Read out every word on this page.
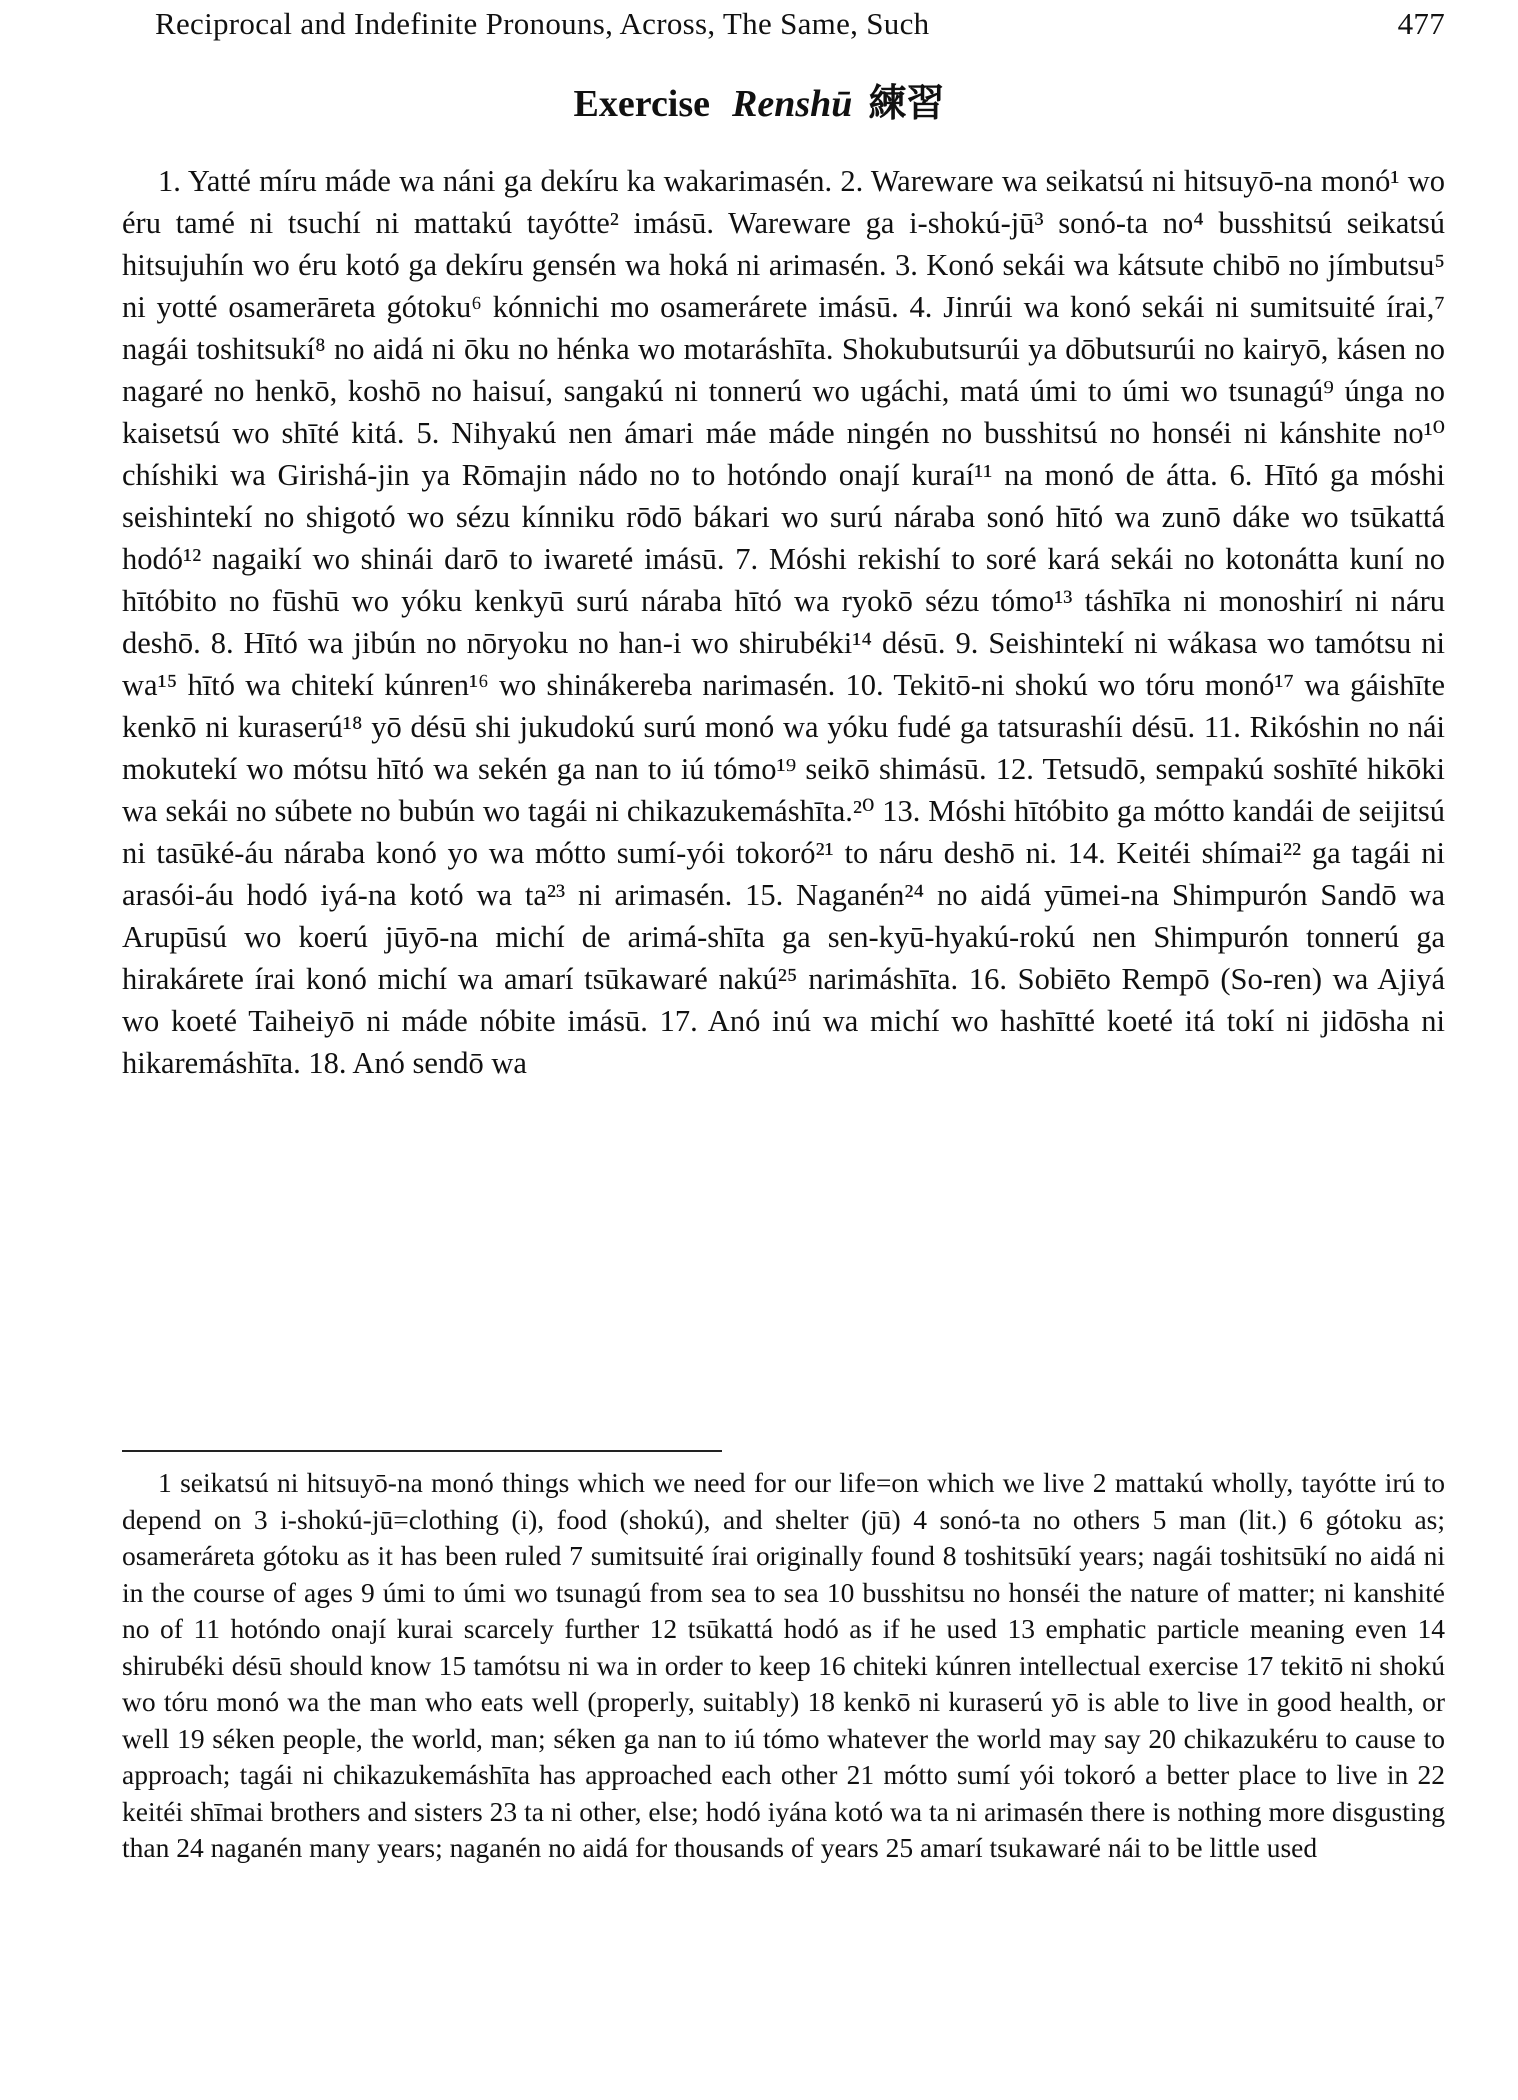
Reciprocal and Indefinite Pronouns, Across, The Same, Such	477
Exercise Renshū 練習

1. Yatté míru máde wa náni ga dekíru ka wakarimasén. 2. Wareware wa seikatsú ni hitsuyō-na monó¹ wo éru tamé ni tsuchí ni mattakú tayótte² imásū. Wareware ga i-shokú-jū³ sonó-ta no⁴ busshitsú seikatsú hitsujuhín wo éru kotó ga dekíru gensén wa hoká ni arimasén. 3. Konó sekái wa kátsute chibō no jímbutsu⁵ ni yotté osamerāreta gótoku⁶ kónnichi mo osamerárete imásū. 4. Jinrúi wa konó sekái ni sumitsuité írai,⁷ nagái toshitsukí⁸ no aidá ni ōku no hénka wo motaráshīta. Shokubutsurúi ya dōbutsurúi no kairyō, kásen no nagaré no henkō, koshō no haisuí, sangakú ni tonnerú wo ugáchi, matá úmi to úmi wo tsunagú⁹ únga no kaisetsú wo shīté kitá. 5. Nihyakú nen ámari máe máde ningén no busshitsú no honséi ni kánshite no¹⁰ chíshiki wa Girishá-jin ya Rōmajin nádo no to hotóndo onají kuraí¹¹ na monó de átta. 6. Hītó ga móshi seishintekí no shigotó wo sézu kínniku rōdō bákari wo surú náraba sonó hītó wa zunō dáke wo tsūkattá hodó¹² nagaikí wo shinái darō to iwareté imásū. 7. Móshi rekishí to soré kará sekái no kotonátta kuní no hītóbito no fūshū wo yóku kenkyū surú náraba hītó wa ryokō sézu tómo¹³ táshīka ni monoshirí ni náru deshō. 8. Hītó wa jibún no nōryoku no han-i wo shirubéki¹⁴ désū. 9. Seishintekí ni wákasa wo tamótsu ni wa¹⁵ hītó wa chitekí kúnren¹⁶ wo shinákereba narimasén. 10. Tekitō-ni shokú wo tóru monó¹⁷ wa gáishīte kenkō ni kuraserú¹⁸ yō désū shi jukudokú surú monó wa yóku fudé ga tatsurashíi désū. 11. Rikóshin no nái mokutekí wo mótsu hītó wa sekén ga nan to iú tómo¹⁹ seikō shimásū. 12. Tetsudō, sempakú soshīté hikōki wa sekái no súbete no bubún wo tagái ni chikazukemáshīta.²⁰ 13. Móshi hītóbito ga mótto kandái de seijitsú ni tasūké-áu náraba konó yo wa mótto sumí-yói tokoró²¹ to náru deshō ni. 14. Keitéi shímai²² ga tagái ni arasói-áu hodó iyá-na kotó wa ta²³ ni arimasén. 15. Naganén²⁴ no aidá yūmei-na Shimpurón Sandō wa Arupūsú wo koerú jūyō-na michí de arimá-shīta ga sen-kyū-hyakú-rokú nen Shimpurón tonnerú ga hirakárete írai konó michí wa amarí tsūkawaré nakú²⁵ narimáshīta. 16. Sobiēto Rempō (So-ren) wa Ajiyá wo koeté Taiheiyō ni máde nóbite imásū. 17. Anó inú wa michí wo hashītté koeté itá tokí ni jidōsha ni hikaremáshīta. 18. Anó sendō wa

1 seikatsú ni hitsuyō-na monó things which we need for our life=on which we live 2 mattakú wholly, tayótte irú to depend on 3 i-shokú-jū=clothing (i), food (shokú), and shelter (jū) 4 sonó-ta no others 5 man (lit.) 6 gótoku as; osameráreta gótoku as it has been ruled 7 sumitsuité írai originally found 8 toshitsūkí years; nagái toshitsūkí no aidá ni in the course of ages 9 úmi to úmi wo tsunagú from sea to sea 10 busshitsu no honséi the nature of matter; ni kanshité no of 11 hotóndo onají kurai scarcely further 12 tsūkattá hodó as if he used 13 emphatic particle meaning even 14 shirubéki désū should know 15 tamótsu ni wa in order to keep 16 chiteki kúnren intellectual exercise 17 tekitō ni shokú wo tóru monó wa the man who eats well (properly, suitably) 18 kenkō ni kuraserú yō is able to live in good health, or well 19 séken people, the world, man; séken ga nan to iú tómo whatever the world may say 20 chikazukéru to cause to approach; tagái ni chikazukemáshīta has approached each other 21 mótto sumí yói tokoró a better place to live in 22 keitéi shīmai brothers and sisters 23 ta ni other, else; hodó iyána kotó wa ta ni arimasén there is nothing more disgusting than 24 naganén many years; naganén no aidá for thousands of years 25 amarí tsukawaré nái to be little used
